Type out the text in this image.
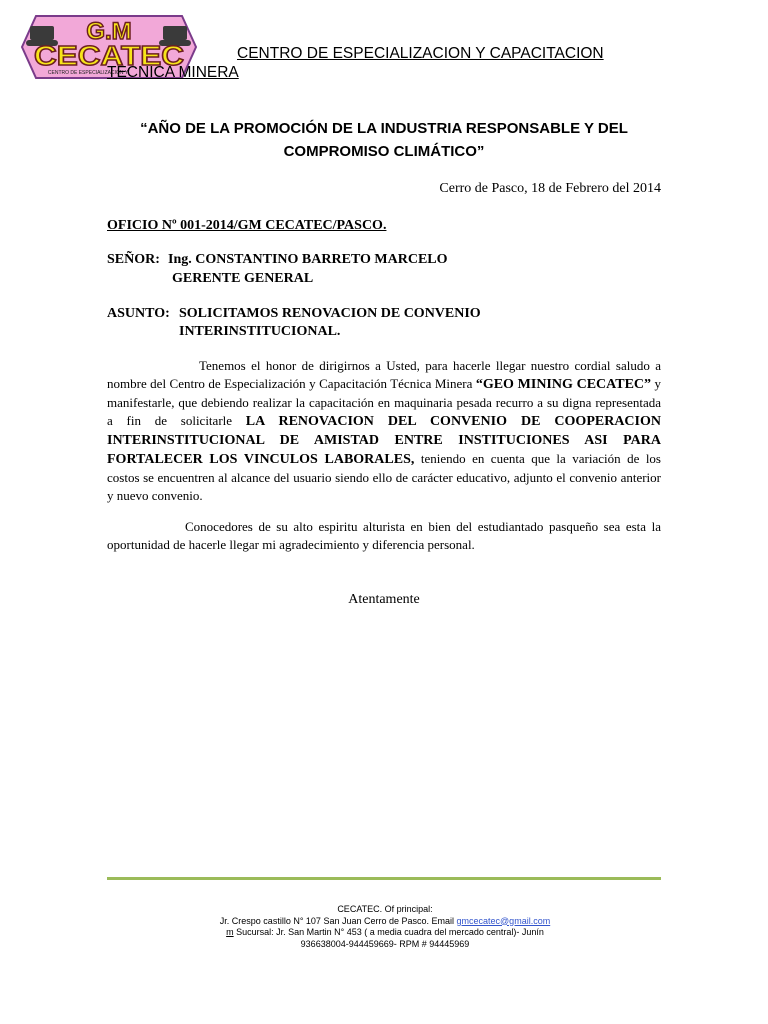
G.M
CECATEC
CENTRO DE ESPECIALIZACION Y
CENTRO DE ESPECIALIZACION Y CAPACITACION
TECNICA MINERA
“AÑO DE LA PROMOCIÓN DE LA INDUSTRIA RESPONSABLE Y DEL
COMPROMISO CLIMÁTICO”
Cerro de Pasco, 18 de Febrero del 2014
OFICIO Nº 001-2014/GM CECATEC/PASCO.
SEÑOR: Ing. CONSTANTINO BARRETO MARCELO
GERENTE GENERAL
ASUNTO: SOLICITAMOS RENOVACION DE CONVENIO
INTERINSTITUCIONAL.
Tenemos el honor de dirigirnos a Usted, para hacerle llegar nuestro cordial saludo a nombre del Centro de Especialización y Capacitación Técnica Minera “GEO MINING CECATEC” y manifestarle, que debiendo realizar la capacitación en maquinaria pesada recurro a su digna representada a fin de solicitarle LA RENOVACION DEL CONVENIO DE COOPERACION INTERINSTITUCIONAL DE AMISTAD ENTRE INSTITUCIONES ASI PARA FORTALECER LOS VINCULOS LABORALES, teniendo en cuenta que la variación de los costos se encuentren al alcance del usuario siendo ello de carácter educativo, adjunto el convenio anterior y nuevo convenio.
Conocedores de su alto espiritu alturista en bien del estudiantado pasqueño sea esta la oportunidad de hacerle llegar mi agradecimiento y diferencia personal.
Atentamente
CECATEC. Of principal:
Jr. Crespo castillo N° 107 San Juan Cerro de Pasco. Email gmcecatec@gmail.com
m Sucursal: Jr. San Martin N° 453 ( a media cuadra del mercado central)- Junín
936638004-944459669- RPM # 94445969
